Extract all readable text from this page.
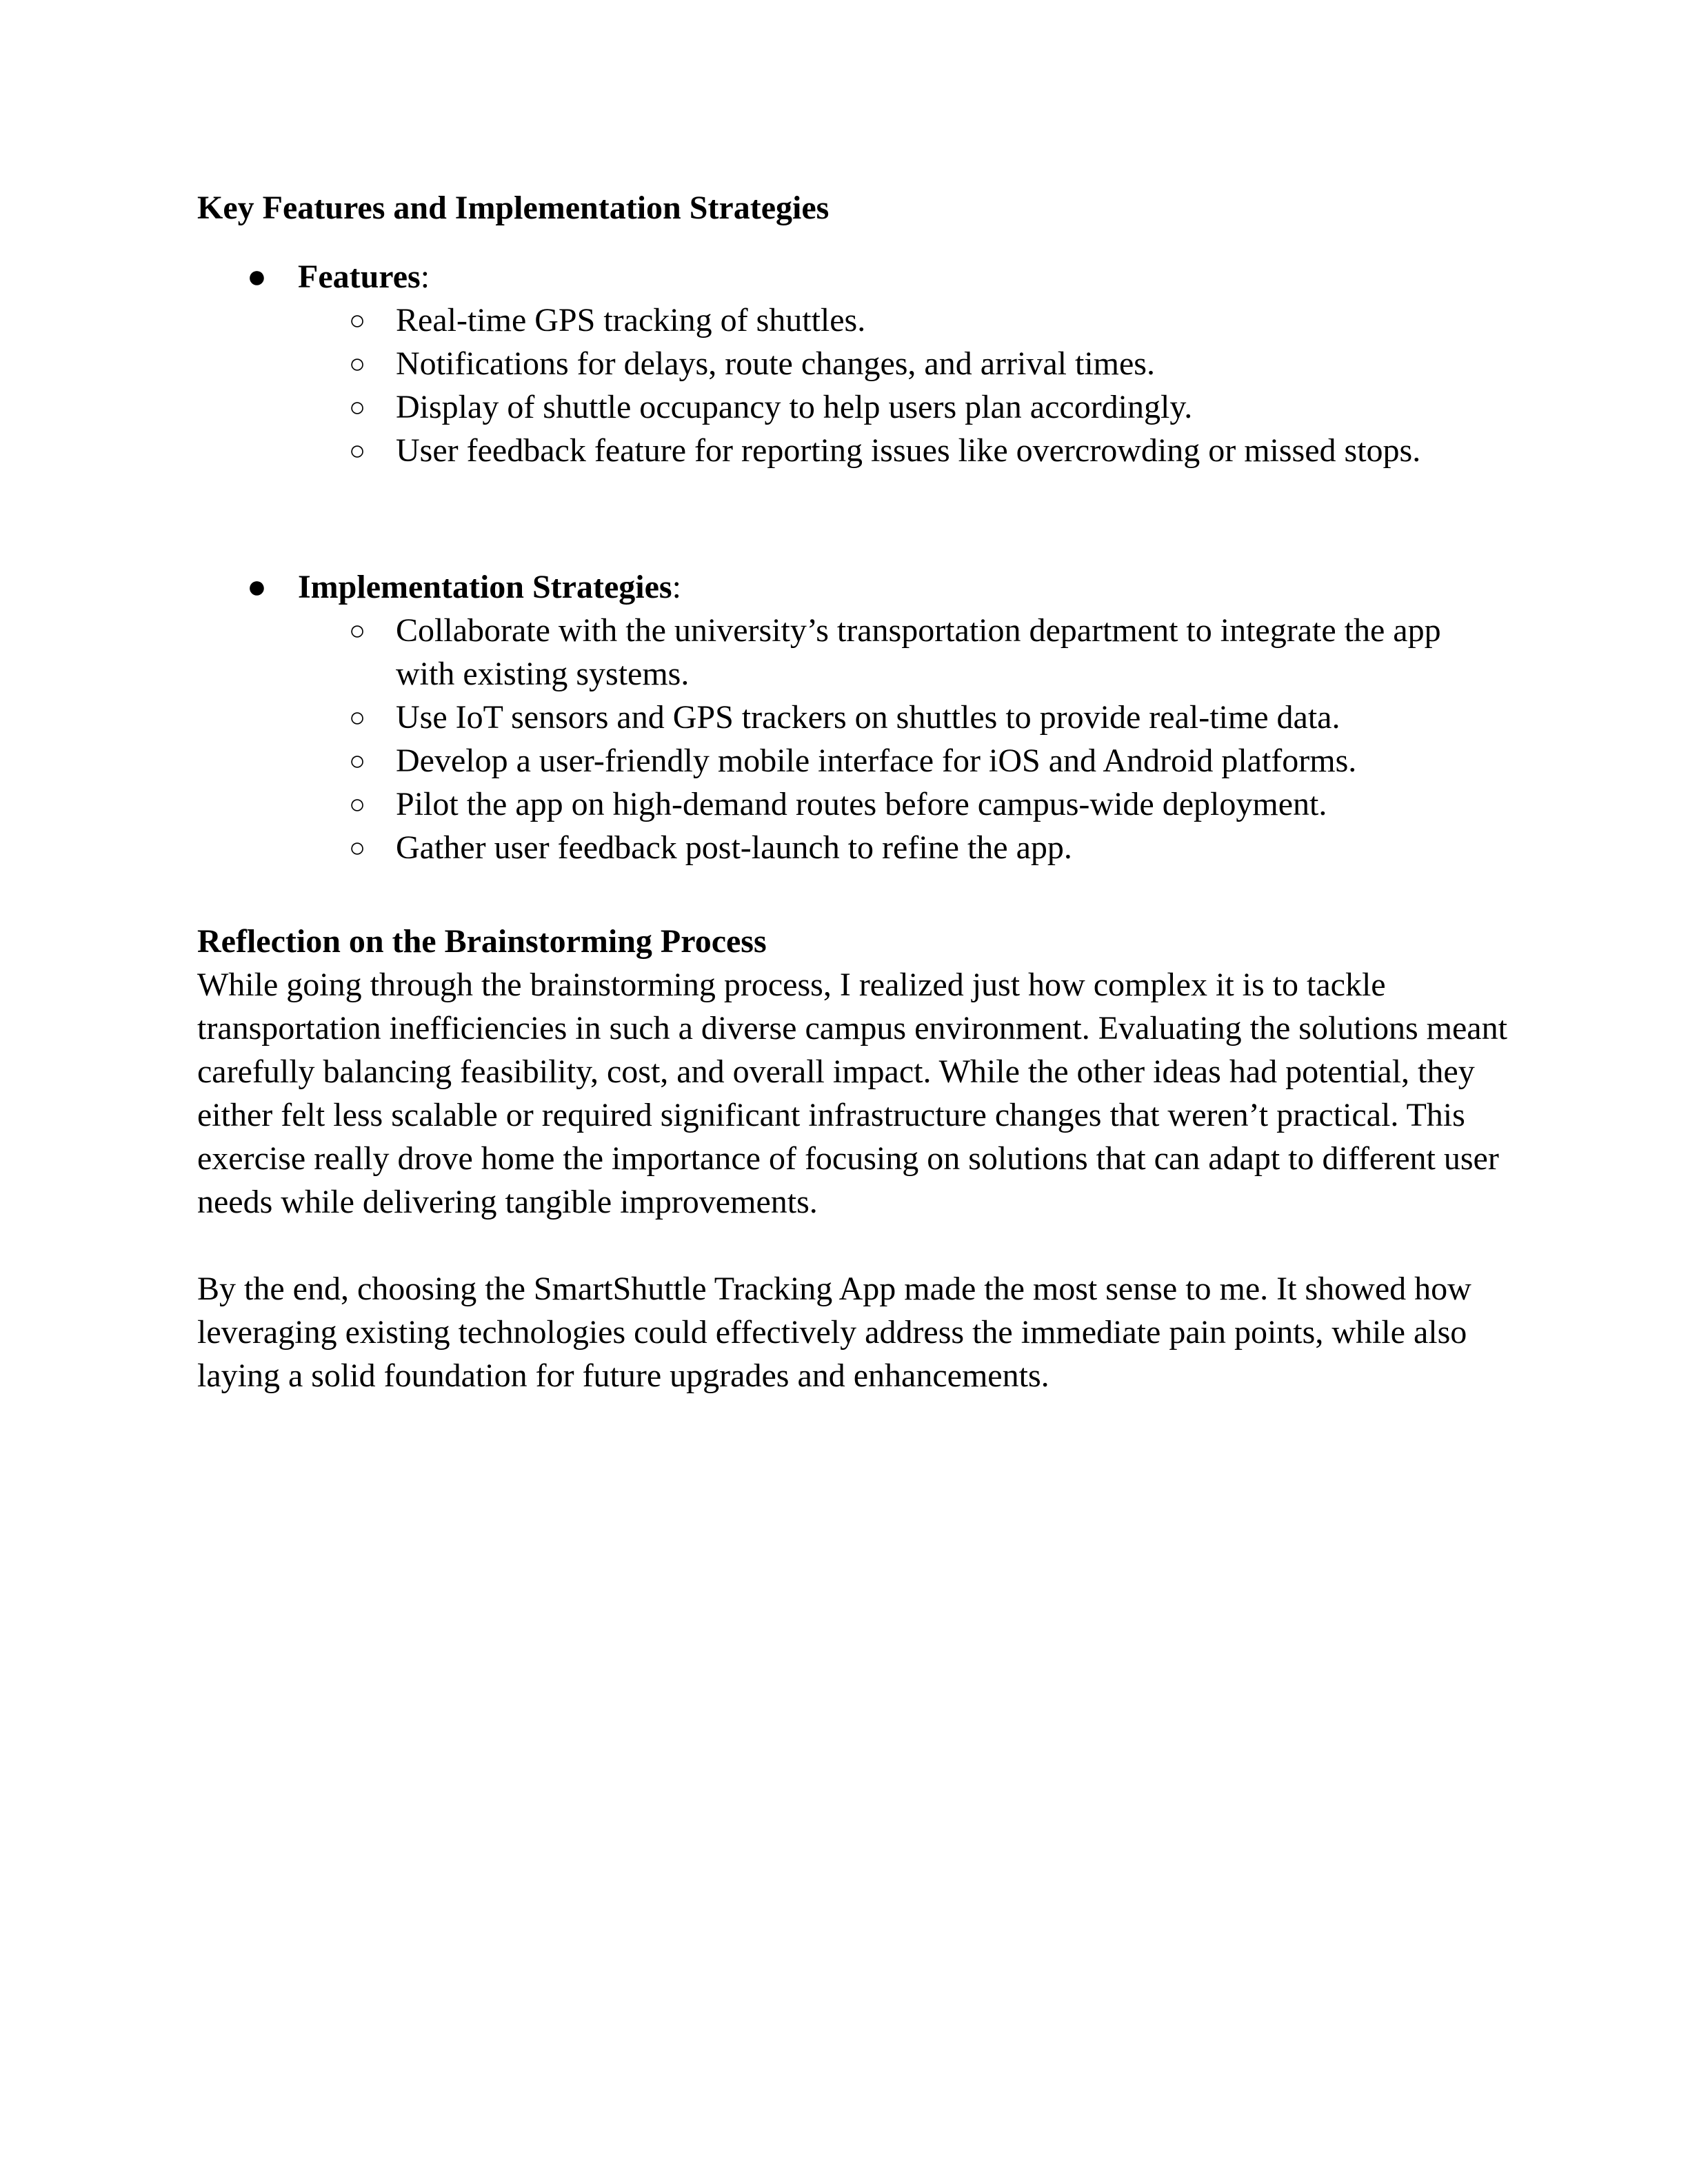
Key Features and Implementation Strategies

● Features:
○ Real-time GPS tracking of shuttles.
○ Notifications for delays, route changes, and arrival times.
○ Display of shuttle occupancy to help users plan accordingly.
○ User feedback feature for reporting issues like overcrowding or missed stops.
● Implementation Strategies:
○ Collaborate with the university’s transportation department to integrate the app with existing systems.
○ Use IoT sensors and GPS trackers on shuttles to provide real-time data.
○ Develop a user-friendly mobile interface for iOS and Android platforms.
○ Pilot the app on high-demand routes before campus-wide deployment.
○ Gather user feedback post-launch to refine the app.

Reflection on the Brainstorming Process

While going through the brainstorming process, I realized just how complex it is to tackle transportation inefficiencies in such a diverse campus environment. Evaluating the solutions meant carefully balancing feasibility, cost, and overall impact. While the other ideas had potential, they either felt less scalable or required significant infrastructure changes that weren’t practical. This exercise really drove home the importance of focusing on solutions that can adapt to different user needs while delivering tangible improvements.

By the end, choosing the SmartShuttle Tracking App made the most sense to me. It showed how leveraging existing technologies could effectively address the immediate pain points, while also laying a solid foundation for future upgrades and enhancements.
